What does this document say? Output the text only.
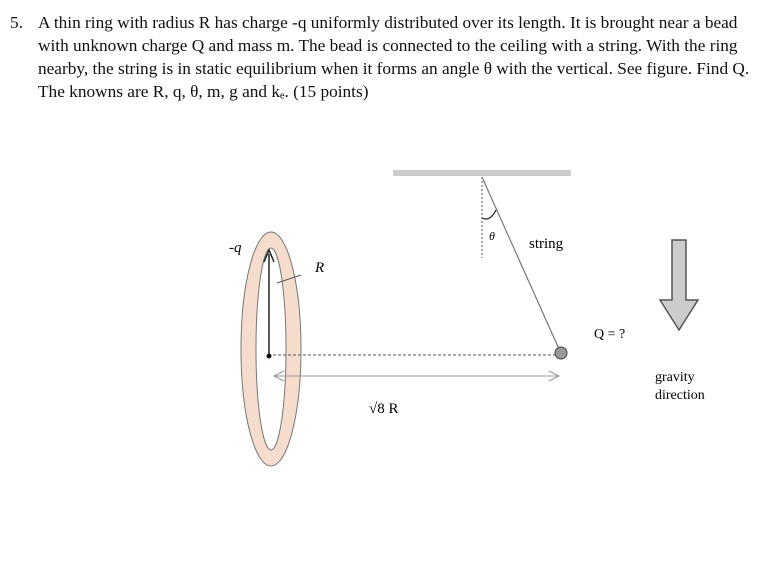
5. A thin ring with radius R has charge -q uniformly distributed over its length. It is brought near a bead with unknown charge Q and mass m. The bead is connected to the ceiling with a string. With the ring nearby, the string is in static equilibrium when it forms an angle θ with the vertical. See figure. Find Q. The knowns are R, q, θ, m, g and kₑ. (15 points)
-q
R
θ string
Q = ?
√8 R
gravity
direction
